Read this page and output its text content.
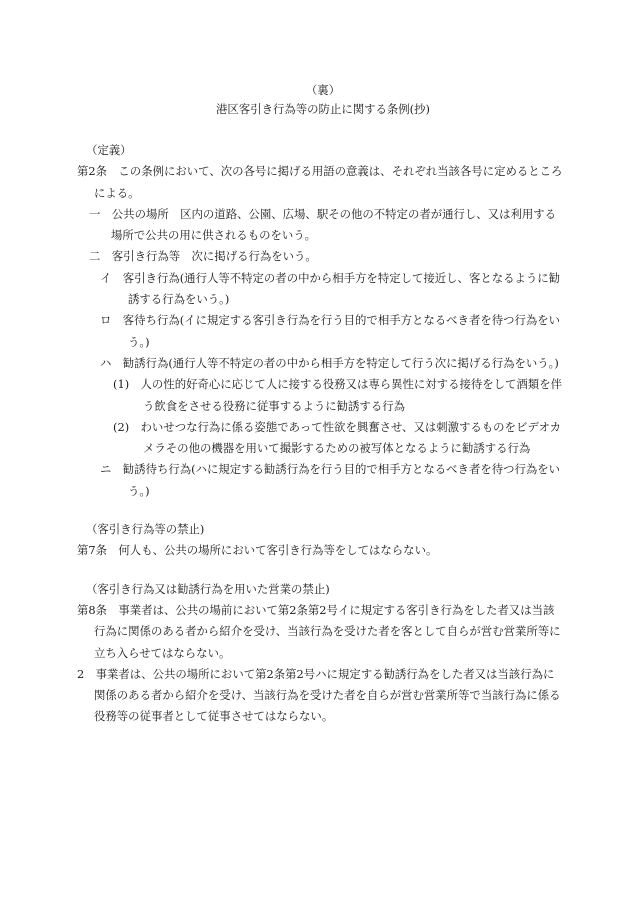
（裏）
港区客引き行為等の防止に関する条例(抄)
（定義）
第2条　この条例において、次の各号に掲げる用語の意義は、それぞれ当該各号に定めるところによる。
一　公共の場所　区内の道路、公園、広場、駅その他の不特定の者が通行し、又は利用する場所で公共の用に供されるものをいう。
二　客引き行為等　次に掲げる行為をいう。
イ　客引き行為(通行人等不特定の者の中から相手方を特定して接近し、客となるように勧誘する行為をいう。)
ロ　客待ち行為(イに規定する客引き行為を行う目的で相手方となるべき者を待つ行為をいう。)
ハ　勧誘行為(通行人等不特定の者の中から相手方を特定して行う次に掲げる行為をいう。)
(1)　人の性的好奇心に応じて人に接する役務又は専ら異性に対する接待をして酒類を伴う飲食をさせる役務に従事するように勧誘する行為
(2)　わいせつな行為に係る姿態であって性欲を興奮させ、又は刺激するものをビデオカメラその他の機器を用いて撮影するための被写体となるように勧誘する行為
ニ　勧誘待ち行為(ハに規定する勧誘行為を行う目的で相手方となるべき者を待つ行為をいう。)
（客引き行為等の禁止)
第7条　何人も、公共の場所において客引き行為等をしてはならない。
（客引き行為又は勧誘行為を用いた営業の禁止)
第8条　事業者は、公共の場前において第2条第2号イに規定する客引き行為をした者又は当該行為に関係のある者から紹介を受け、当該行為を受けた者を客として自らが営む営業所等に立ち入らせてはならない。
2　事業者は、公共の場所において第2条第2号ハに規定する勧誘行為をした者又は当該行為に関係のある者から紹介を受け、当該行為を受けた者を自らが営む営業所等で当該行為に係る役務等の従事者として従事させてはならない。
